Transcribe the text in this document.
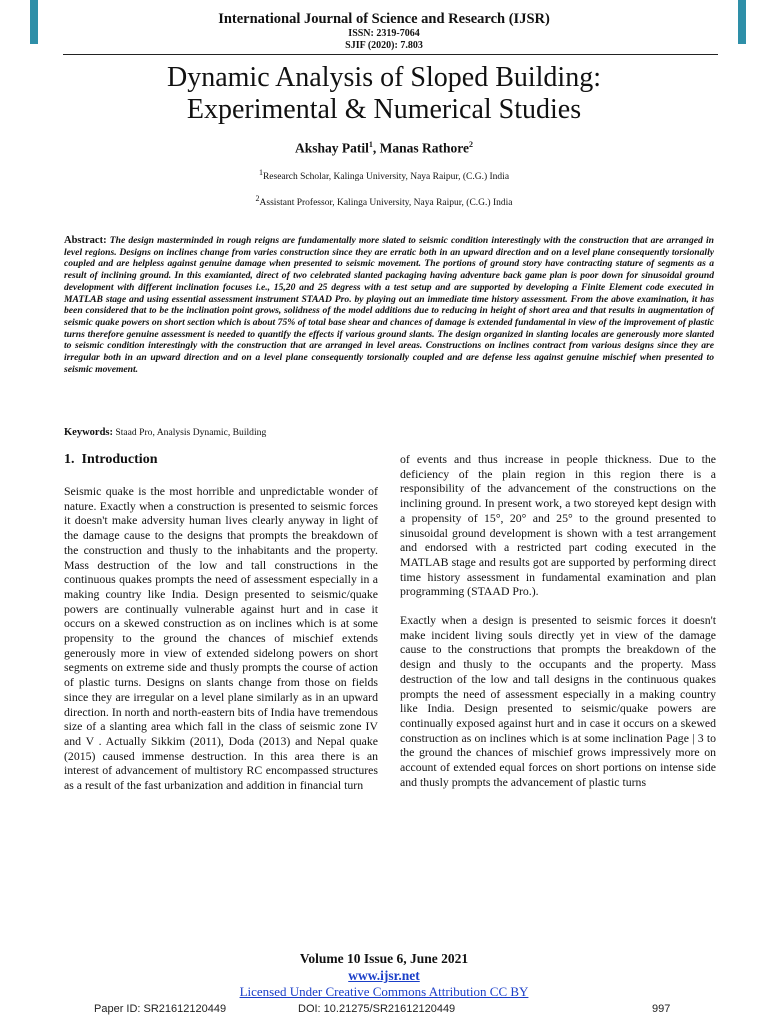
International Journal of Science and Research (IJSR)
ISSN: 2319-7064
SJIF (2020): 7.803
Dynamic Analysis of Sloped Building:
Experimental & Numerical Studies
Akshay Patil$^1$, Manas Rathore$^2$
$^1$Research Scholar, Kalinga University, Naya Raipur, (C.G.) India
$^2$Assistant Professor, Kalinga University, Naya Raipur, (C.G.) India
Abstract: The design masterminded in rough reigns are fundamentally more slated to seismic condition interestingly with the construction that are arranged in level regions. Designs on inclines change from varies construction since they are erratic both in an upward direction and on a level plane consequently torsionally coupled and are helpless against genuine damage when presented to seismic movement. The portions of ground story have contracting stature of segments as a result of inclining ground. In this examianted, direct of two celebrated slanted packaging having adventure back game plan is poor down for sinusoidal ground development with different inclination focuses i.e., 15,20 and 25 degress with a test setup and are supported by developing a Finite Element code executed in MATLAB stage and using essential assessment instrument STAAD Pro. by playing out an immediate time history assessment. From the above examination, it has been considered that to be the inclination point grows, solidness of the model additions due to reducing in height of short area and that results in augmentation of seismic quake powers on short section which is about 75% of total base shear and chances of damage is extended fundamental in view of the improvement of plastic turns therefore genuine assessment is needed to quantify the effects if various ground slants. The design organized in slanting locales are generously more slanted to seismic condition interestingly with the construction that are arranged in level areas. Constructions on inclines contract from various designs since they are irregular both in an upward direction and on a level plane consequently torsionally coupled and are defense less against genuine mischief when presented to seismic movement.
Keywords: Staad Pro, Analysis Dynamic, Building
1. Introduction

Seismic quake is the most horrible and unpredictable wonder of nature. Exactly when a construction is presented to seismic forces it doesn't make adversity human lives clearly anyway in light of the damage cause to the designs that prompts the breakdown of the construction and thusly to the inhabitants and the property. Mass destruction of the low and tall constructions in the continuous quakes prompts the need of assessment especially in a making country like India. Design presented to seismic/quake powers are continually vulnerable against hurt and in case it occurs on a skewed construction as on inclines which is at some propensity to the ground the chances of mischief extends generously more in view of extended sidelong powers on short segments on extreme side and thusly prompts the course of action of plastic turns. Designs on slants change from those on fields since they are irregular on a level plane similarly as in an upward direction. In north and north-eastern bits of India have tremendous size of a slanting area which fall in the class of seismic zone IV and V . Actually Sikkim (2011), Doda (2013) and Nepal quake (2015) caused immense destruction. In this area there is an interest of advancement of multistory RC encompassed structures as a result of the fast urbanization and addition in financial turn

of events and thus increase in people thickness. Due to the deficiency of the plain region in this region there is a responsibility of the advancement of the constructions on the inclining ground. In present work, a two storeyed kept design with a propensity of 15°, 20° and 25° to the ground presented to sinusoidal ground development is shown with a test arrangement and endorsed with a restricted part coding executed in the MATLAB stage and results got are supported by performing direct time history assessment in fundamental examination and plan programming (STAAD Pro.).

Exactly when a design is presented to seismic forces it doesn't make incident living souls directly yet in view of the damage cause to the constructions that prompts the breakdown of the design and thusly to the occupants and the property. Mass destruction of the low and tall designs in the continuous quakes prompts the need of assessment especially in a making country like India. Design presented to seismic/quake powers are continually exposed against hurt and in case it occurs on a skewed construction as on inclines which is at some inclination Page | 3 to the ground the chances of mischief grows impressively more on account of extended equal forces on short portions on intense side and thusly prompts the advancement of plastic turns

Volume 10 Issue 6, June 2021
www.ijsr.net
Licensed Under Creative Commons Attribution CC BY
Paper ID: SR21612120449	DOI: 10.21275/SR21612120449	997
